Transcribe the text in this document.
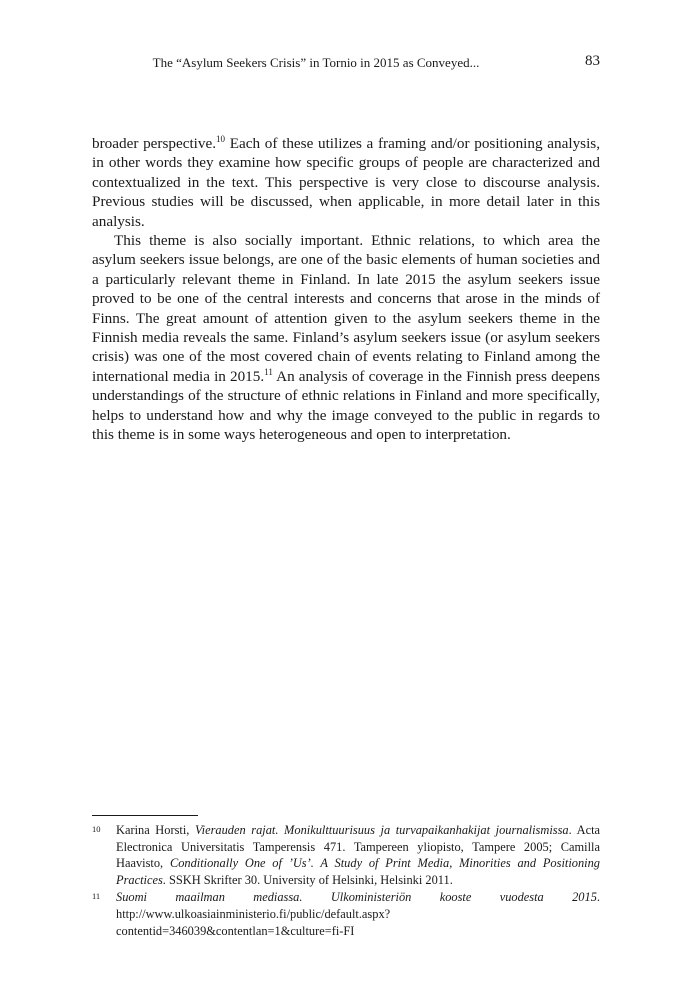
The “Asylum Seekers Crisis” in Tornio in 2015 as Conveyed...	83

broader perspective.$^{10}$ Each of these utilizes a framing and/or positioning analysis, in other words they examine how specific groups of people are characterized and contextualized in the text. This perspective is very close to discourse analysis. Previous studies will be discussed, when applicable, in more detail later in this analysis.

This theme is also socially important. Ethnic relations, to which area the asylum seekers issue belongs, are one of the basic elements of human societies and a particularly relevant theme in Finland. In late 2015 the asylum seekers issue proved to be one of the central interests and concerns that arose in the minds of Finns. The great amount of attention given to the asylum seekers theme in the Finnish media reveals the same. Finland’s asylum seekers issue (or asylum seekers crisis) was one of the most covered chain of events relating to Finland among the international media in 2015.11 An analysis of coverage in the Finnish press deepens understandings of the structure of ethnic relations in Finland and more specifically, helps to understand how and why the image conveyed to the public in regards to this theme is in some ways heterogeneous and open to interpretation.

10 Karina Horsti, Vierauden rajat. Monikulttuurisuus ja turvapaikanhakijat journalismissa. Acta Electronica Universitatis Tamperensis 471. Tampereen yliopisto, Tampere 2005; Camilla Haavisto, Conditionally One of ’Us’. A Study of Print Media, Minorities and Positioning Practices. SSKH Skrifter 30. University of Helsinki, Helsinki 2011.
11 Suomi maailman mediassa. Ulkoministeriön kooste vuodesta 2015. http://www.ulkoasiainministerio.fi/public/default.aspx?contentid=346039&contentlan=1&culture=fi-FI
